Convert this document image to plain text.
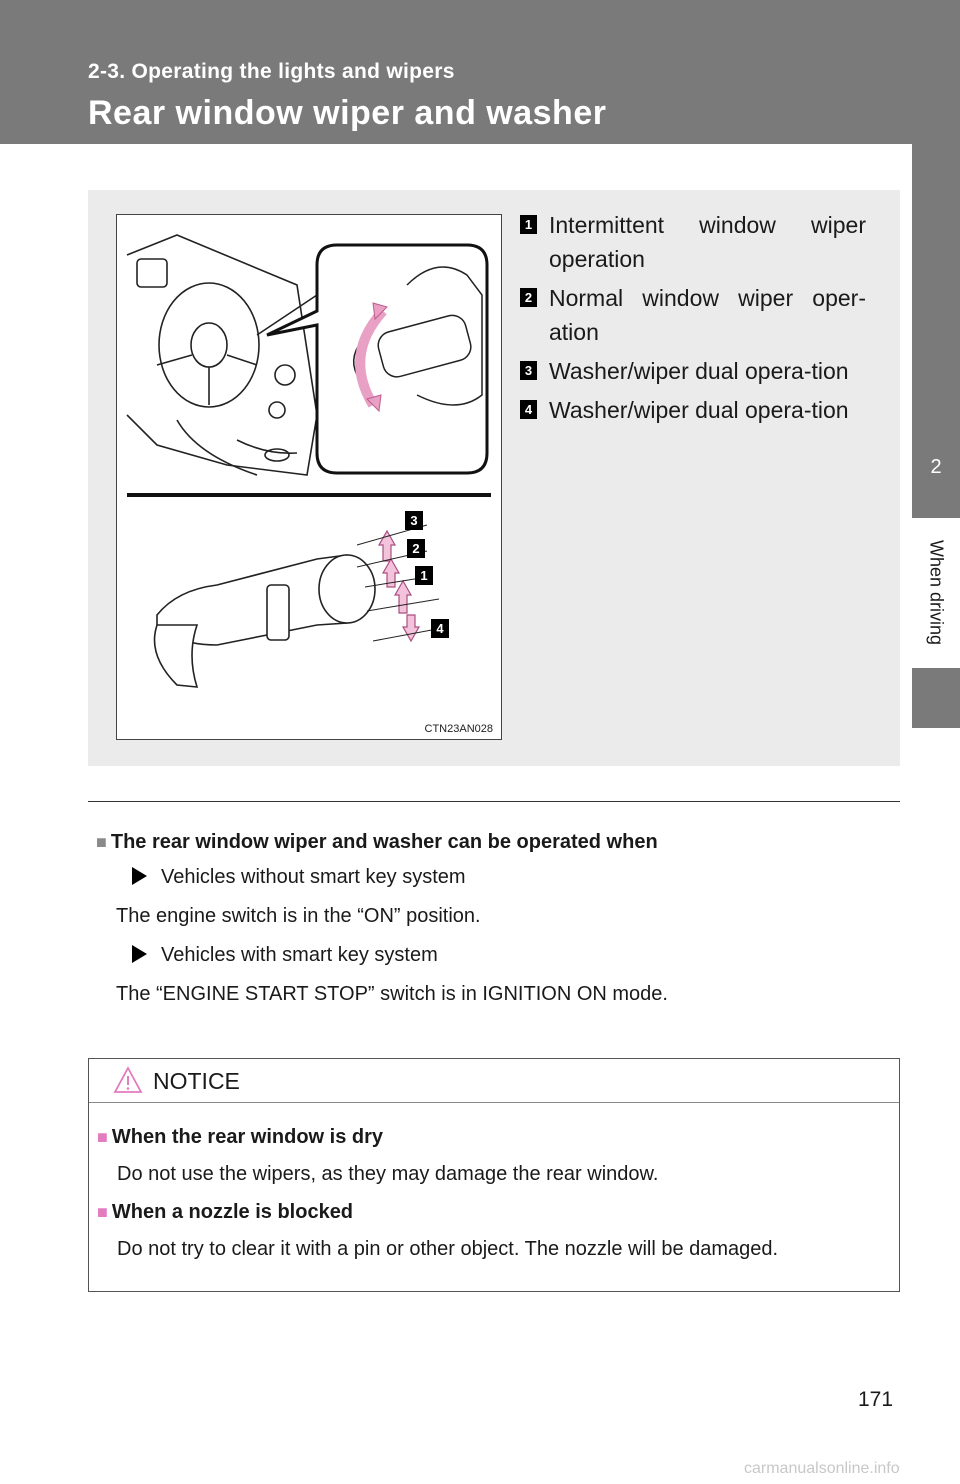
2-3. Operating the lights and wipers
Rear window wiper and washer
2
When driving
3
2
1
4
CTN23AN028
1 Intermittent window wiper operation
2 Normal window wiper oper-ation
3 Washer/wiper dual opera-tion
4 Washer/wiper dual opera-tion
■ The rear window wiper and washer can be operated when
Vehicles without smart key system
The engine switch is in the “ON” position.
Vehicles with smart key system
The “ENGINE START STOP” switch is in IGNITION ON mode.
NOTICE
■ When the rear window is dry
Do not use the wipers, as they may damage the rear window.
■ When a nozzle is blocked
Do not try to clear it with a pin or other object. The nozzle will be damaged.
171
carmanualsonline.info
